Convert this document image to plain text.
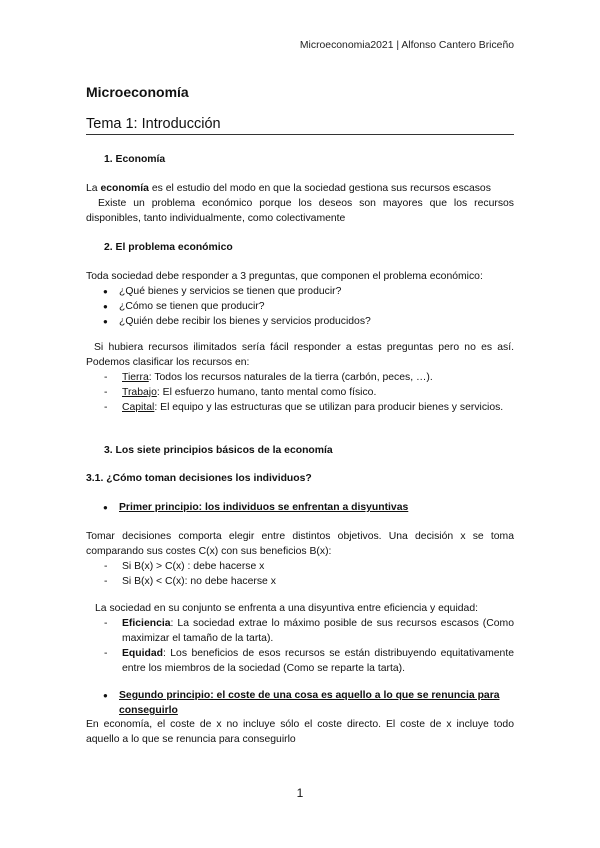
Microeconomia2021 | Alfonso Cantero Briceño
Microeconomía
Tema 1: Introducción
1. Economía
La economía es el estudio del modo en que la sociedad gestiona sus recursos escasos
Existe un problema económico porque los deseos son mayores que los recursos disponibles, tanto individualmente, como colectivamente
2. El problema económico
Toda sociedad debe responder a 3 preguntas, que componen el problema económico:
● ¿Qué bienes y servicios se tienen que producir?
● ¿Cómo se tienen que producir?
● ¿Quién debe recibir los bienes y servicios producidos?
Si hubiera recursos ilimitados sería fácil responder a estas preguntas pero no es así. Podemos clasificar los recursos en:
- Tierra: Todos los recursos naturales de la tierra (carbón, peces, …).
- Trabajo: El esfuerzo humano, tanto mental como físico.
- Capital: El equipo y las estructuras que se utilizan para producir bienes y servicios.
3. Los siete principios básicos de la economía
3.1. ¿Cómo toman decisiones los individuos?
● Primer principio: los individuos se enfrentan a disyuntivas
Tomar decisiones comporta elegir entre distintos objetivos. Una decisión x se toma comparando sus costes C(x) con sus beneficios B(x):
- Si B(x) > C(x) : debe hacerse x
- Si B(x) < C(x): no debe hacerse x
La sociedad en su conjunto se enfrenta a una disyuntiva entre eficiencia y equidad:
- Eficiencia: La sociedad extrae lo máximo posible de sus recursos escasos (Como maximizar el tamaño de la tarta).
- Equidad: Los beneficios de esos recursos se están distribuyendo equitativamente entre los miembros de la sociedad (Como se reparte la tarta).
● Segundo principio: el coste de una cosa es aquello a lo que se renuncia para conseguirlo
En economía, el coste de x no incluye sólo el coste directo. El coste de x incluye todo aquello a lo que se renuncia para conseguirlo
1
